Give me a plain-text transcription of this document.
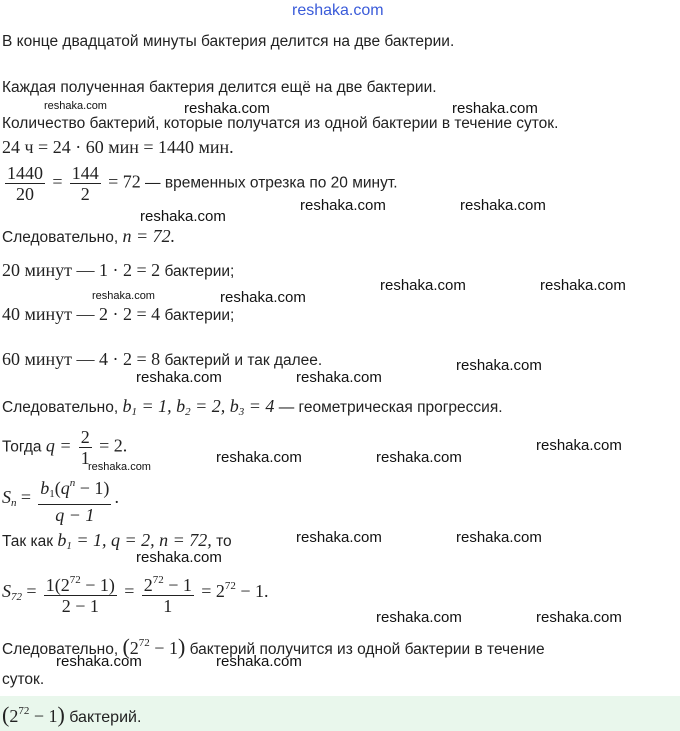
reshaka.com
В конце двадцатой минуты бактерия делится на две бактерии.
Каждая полученная бактерия делится ещё на две бактерии.
Количество бактерий, которые получатся из одной бактерии в течение суток.
24 ч = 24 · 60 мин = 1440 мин.
$\frac{1440}{20} = \frac{144}{2} = 72$ — временных отрезка по 20 минут.
Следовательно, n = 72.
20 минут — 1 · 2 = 2 бактерии;
40 минут — 2 · 2 = 4 бактерии;
60 минут — 4 · 2 = 8 бактерий и так далее.
Следовательно, $b_1 = 1$, $b_2 = 2$, $b_3 = 4$ — геометрическая прогрессия.
Тогда $q = \frac{2}{1} = 2$.
$S_n = \frac{b_1(q^n - 1)}{q - 1}$ .
Так как $b_1 = 1$, q = 2, n = 72, то
$S_{72} = \frac{1(2^{72} - 1)}{2 - 1} = \frac{2^{72} - 1}{1} = 2^{72} - 1$.
Следовательно, $(2^{72} - 1)$ бактерий получится из одной бактерии в течение
суток.
$(2^{72} - 1)$ бактерий.
reshaka.com	reshaka.com	reshaka.com
reshaka.com	reshaka.com
reshaka.com
reshaka.com	reshaka.com
reshaka.com	reshaka.com
reshaka.com
reshaka.com	reshaka.com
reshaka.com
reshaka.com	reshaka.com
reshaka.com
reshaka.com	reshaka.com
reshaka.com
reshaka.com	reshaka.com
reshaka.com	reshaka.com
